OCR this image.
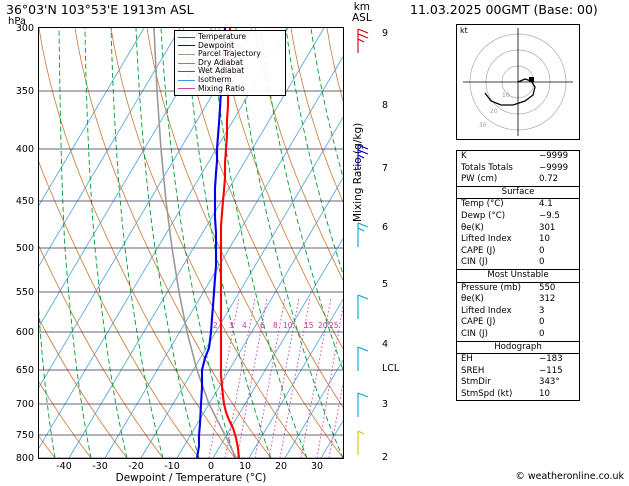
36°03'N 103°53'E 1913m ASL
hPa
km
ASL
300
350
400
450
500
550
600
650
700
750
800
9
8
7
6
5
4
3
2
LCL
-40	-30	-20	-10	0	10	20	30
Dewpoint / Temperature (°C)
Mixing Ratio (g/kg)
2 3 4 6 8 10 15 20 25
Temperature
Dewpoint
Parcel Trajectory
Dry Adiabat
Wet Adiabat
Isotherm
Mixing Ratio
11.03.2025 00GMT (Base: 00)
kt
10
20
30
K	−9999
Totals Totals	−9999
PW (cm)	0.72
Surface
Temp (°C)	4.1
Dewp (°C)	−9.5
θe(K)	301
Lifted Index	10
CAPE (J)	0
CIN (J)	0
Most Unstable
Pressure (mb) 550
θe(K)	312
Lifted Index	3
CAPE (J)	0
CIN (J)	0
Hodograph
EH	−183
SREH	−115
StmDir	343°
StmSpd (kt)	10
© weatheronline.co.uk
